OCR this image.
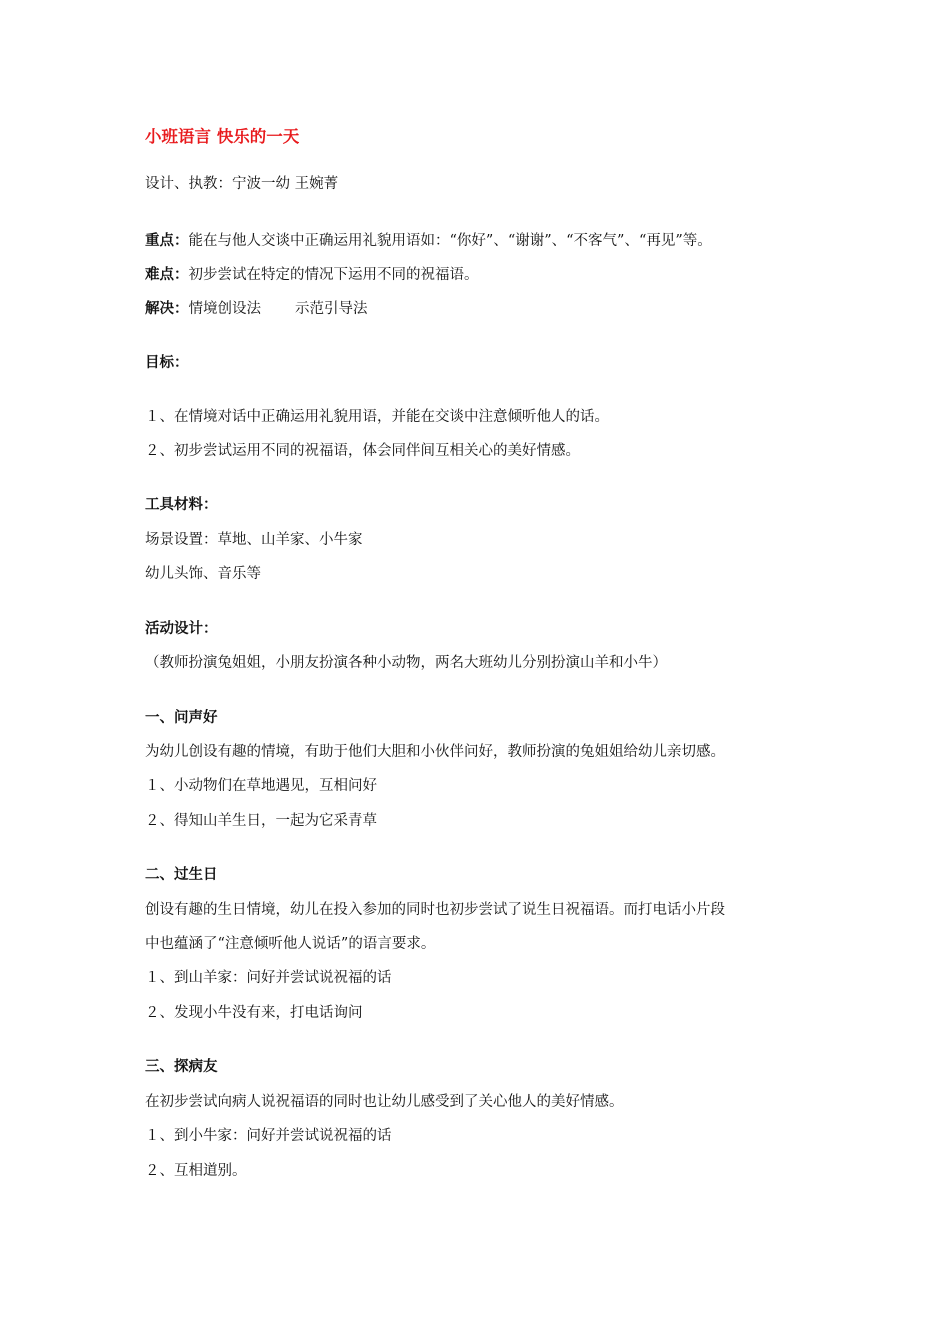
小班语言 快乐的一天
设计、执教：宁波一幼 王婉菁
重点：能在与他人交谈中正确运用礼貌用语如：“你好”、“谢谢”、“不客气”、“再见”等。
难点：初步尝试在特定的情况下运用不同的祝福语。
解决：情境创设法 示范引导法
目标：
１、在情境对话中正确运用礼貌用语，并能在交谈中注意倾听他人的话。
２、初步尝试运用不同的祝福语，体会同伴间互相关心的美好情感。
工具材料：
场景设置：草地、山羊家、小牛家
幼儿头饰、音乐等
活动设计：
（教师扮演兔姐姐，小朋友扮演各种小动物，两名大班幼儿分别扮演山羊和小牛）
一、问声好
为幼儿创设有趣的情境，有助于他们大胆和小伙伴问好，教师扮演的兔姐姐给幼儿亲切感。
１、小动物们在草地遇见，互相问好
２、得知山羊生日，一起为它采青草
二、过生日
创设有趣的生日情境，幼儿在投入参加的同时也初步尝试了说生日祝福语。而打电话小片段
中也蕴涵了“注意倾听他人说话”的语言要求。
１、到山羊家：问好并尝试说祝福的话
２、发现小牛没有来，打电话询问
三、探病友
在初步尝试向病人说祝福语的同时也让幼儿感受到了关心他人的美好情感。
１、到小牛家：问好并尝试说祝福的话
２、互相道别。
